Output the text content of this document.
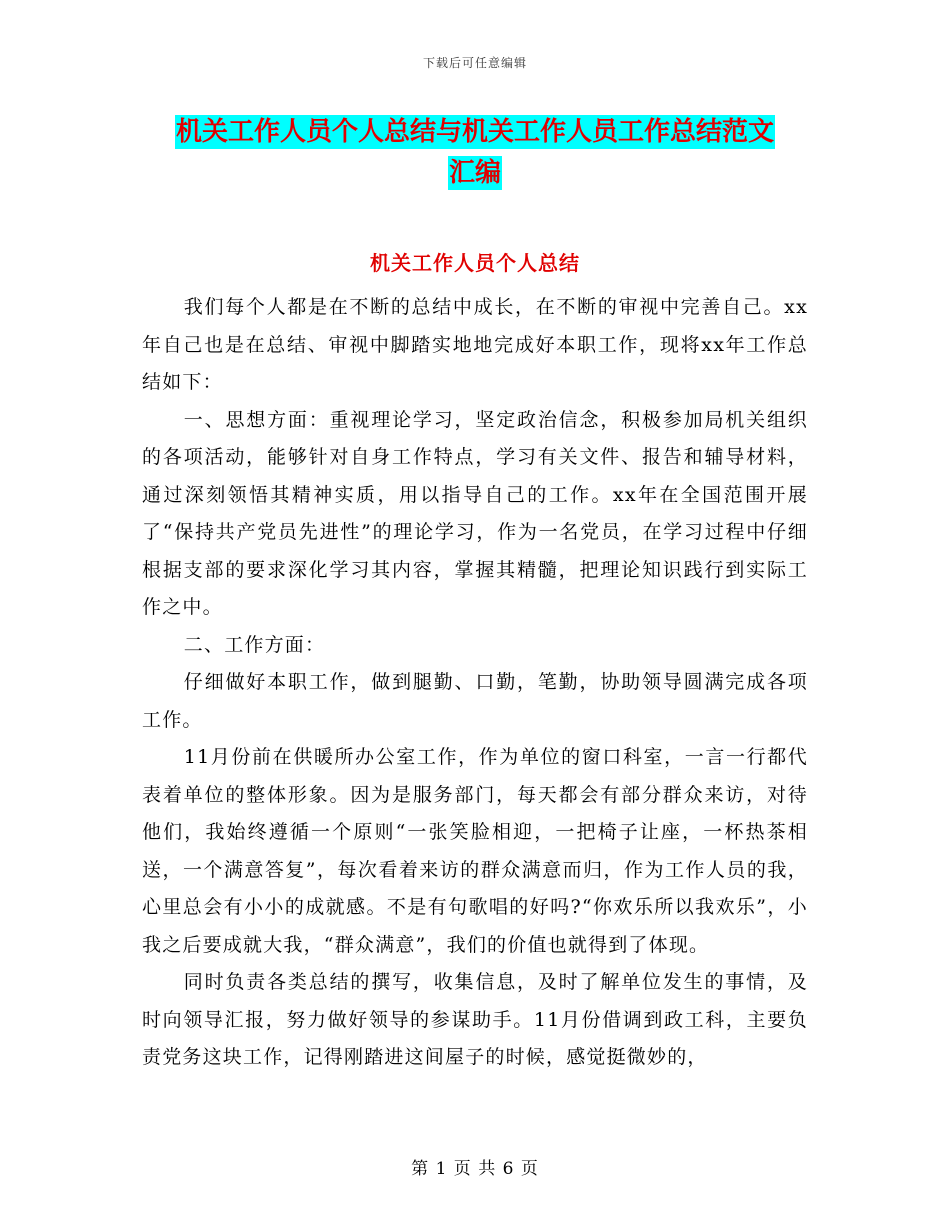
下载后可任意编辑
机关工作人员个人总结与机关工作人员工作总结范文
汇编
机关工作人员个人总结

我们每个人都是在不断的总结中成长，在不断的审视中完善自己。xx年自己也是在总结、审视中脚踏实地地完成好本职工作，现将xx年工作总结如下：

一、思想方面：重视理论学习，坚定政治信念，积极参加局机关组织的各项活动，能够针对自身工作特点，学习有关文件、报告和辅导材料，通过深刻领悟其精神实质，用以指导自己的工作。xx年在全国范围开展了“保持共产党员先进性”的理论学习，作为一名党员，在学习过程中仔细根据支部的要求深化学习其内容，掌握其精髓，把理论知识践行到实际工作之中。

二、工作方面：

仔细做好本职工作，做到腿勤、口勤，笔勤，协助领导圆满完成各项工作。

11月份前在供暖所办公室工作，作为单位的窗口科室，一言一行都代表着单位的整体形象。因为是服务部门，每天都会有部分群众来访，对待他们，我始终遵循一个原则“一张笑脸相迎，一把椅子让座，一杯热茶相送，一个满意答复”，每次看着来访的群众满意而归，作为工作人员的我，心里总会有小小的成就感。不是有句歌唱的好吗?“你欢乐所以我欢乐”，小我之后要成就大我，“群众满意”，我们的价值也就得到了体现。

同时负责各类总结的撰写，收集信息，及时了解单位发生的事情，及时向领导汇报，努力做好领导的参谋助手。11月份借调到政工科，主要负责党务这块工作，记得刚踏进这间屋子的时候，感觉挺微妙的，

第 1 页 共 6 页
